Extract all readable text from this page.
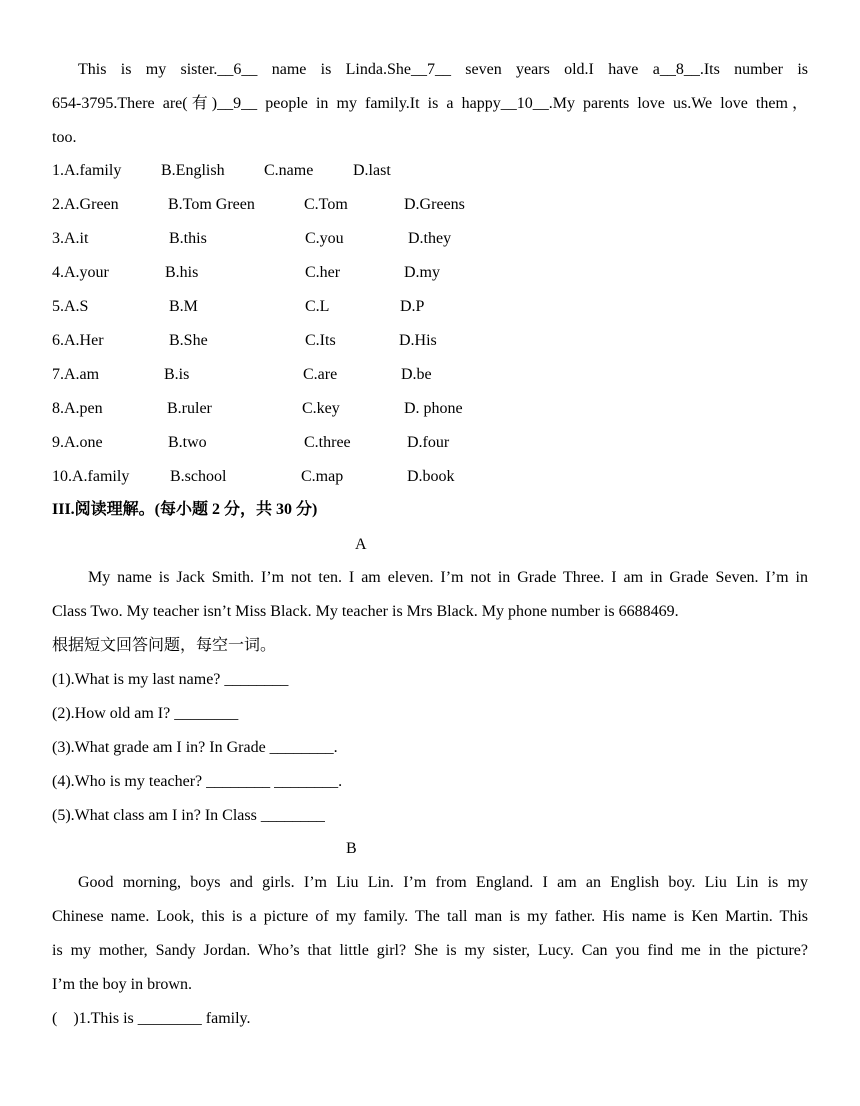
This is my sister.__6__ name is Linda.She__7__ seven years old.I have a__8__.Its number is
654-3795.There are(有)__9__ people in my family.It is a happy__10__.My parents love us.We love them，
too.
1.A.family B.English C.name D.last
2.A.Green	B.Tom Green	C.Tom	D.Greens
3.A.it	B.this	C.you	D.they
4.A.your	B.his	C.her	D.my
5.A.S	B.M	C.L	D.P
6.A.Her	B.She	C.Its	D.His
7.A.am	B.is	C.are	D.be
8.A.pen	B.ruler	C.key	D. phone
9.A.one	B.two	C.three	D.four
10.A.family	B.school	C.map	D.book
III.阅读理解。(每小题 2 分，共 30 分)
A
My name is Jack Smith. I’m not ten. I am eleven. I’m not in Grade Three. I am in Grade Seven. I’m in
Class Two. My teacher isn’t Miss Black. My teacher is Mrs Black. My phone number is 6688469.
根据短文回答问题，每空一词。
(1).What is my last name? ________
(2).How old am I? ________
(3).What grade am I in? In Grade ________.
(4).Who is my teacher? ________ ________.
(5).What class am I in? In Class ________
B
Good morning, boys and girls. I’m Liu Lin. I’m from England. I am an English boy. Liu Lin is my
Chinese name. Look, this is a picture of my family. The tall man is my father. His name is Ken Martin. This
is my mother, Sandy Jordan. Who’s that little girl? She is my sister, Lucy. Can you find me in the picture?
I’m the boy in brown.
(    )1.This is ________ family.
